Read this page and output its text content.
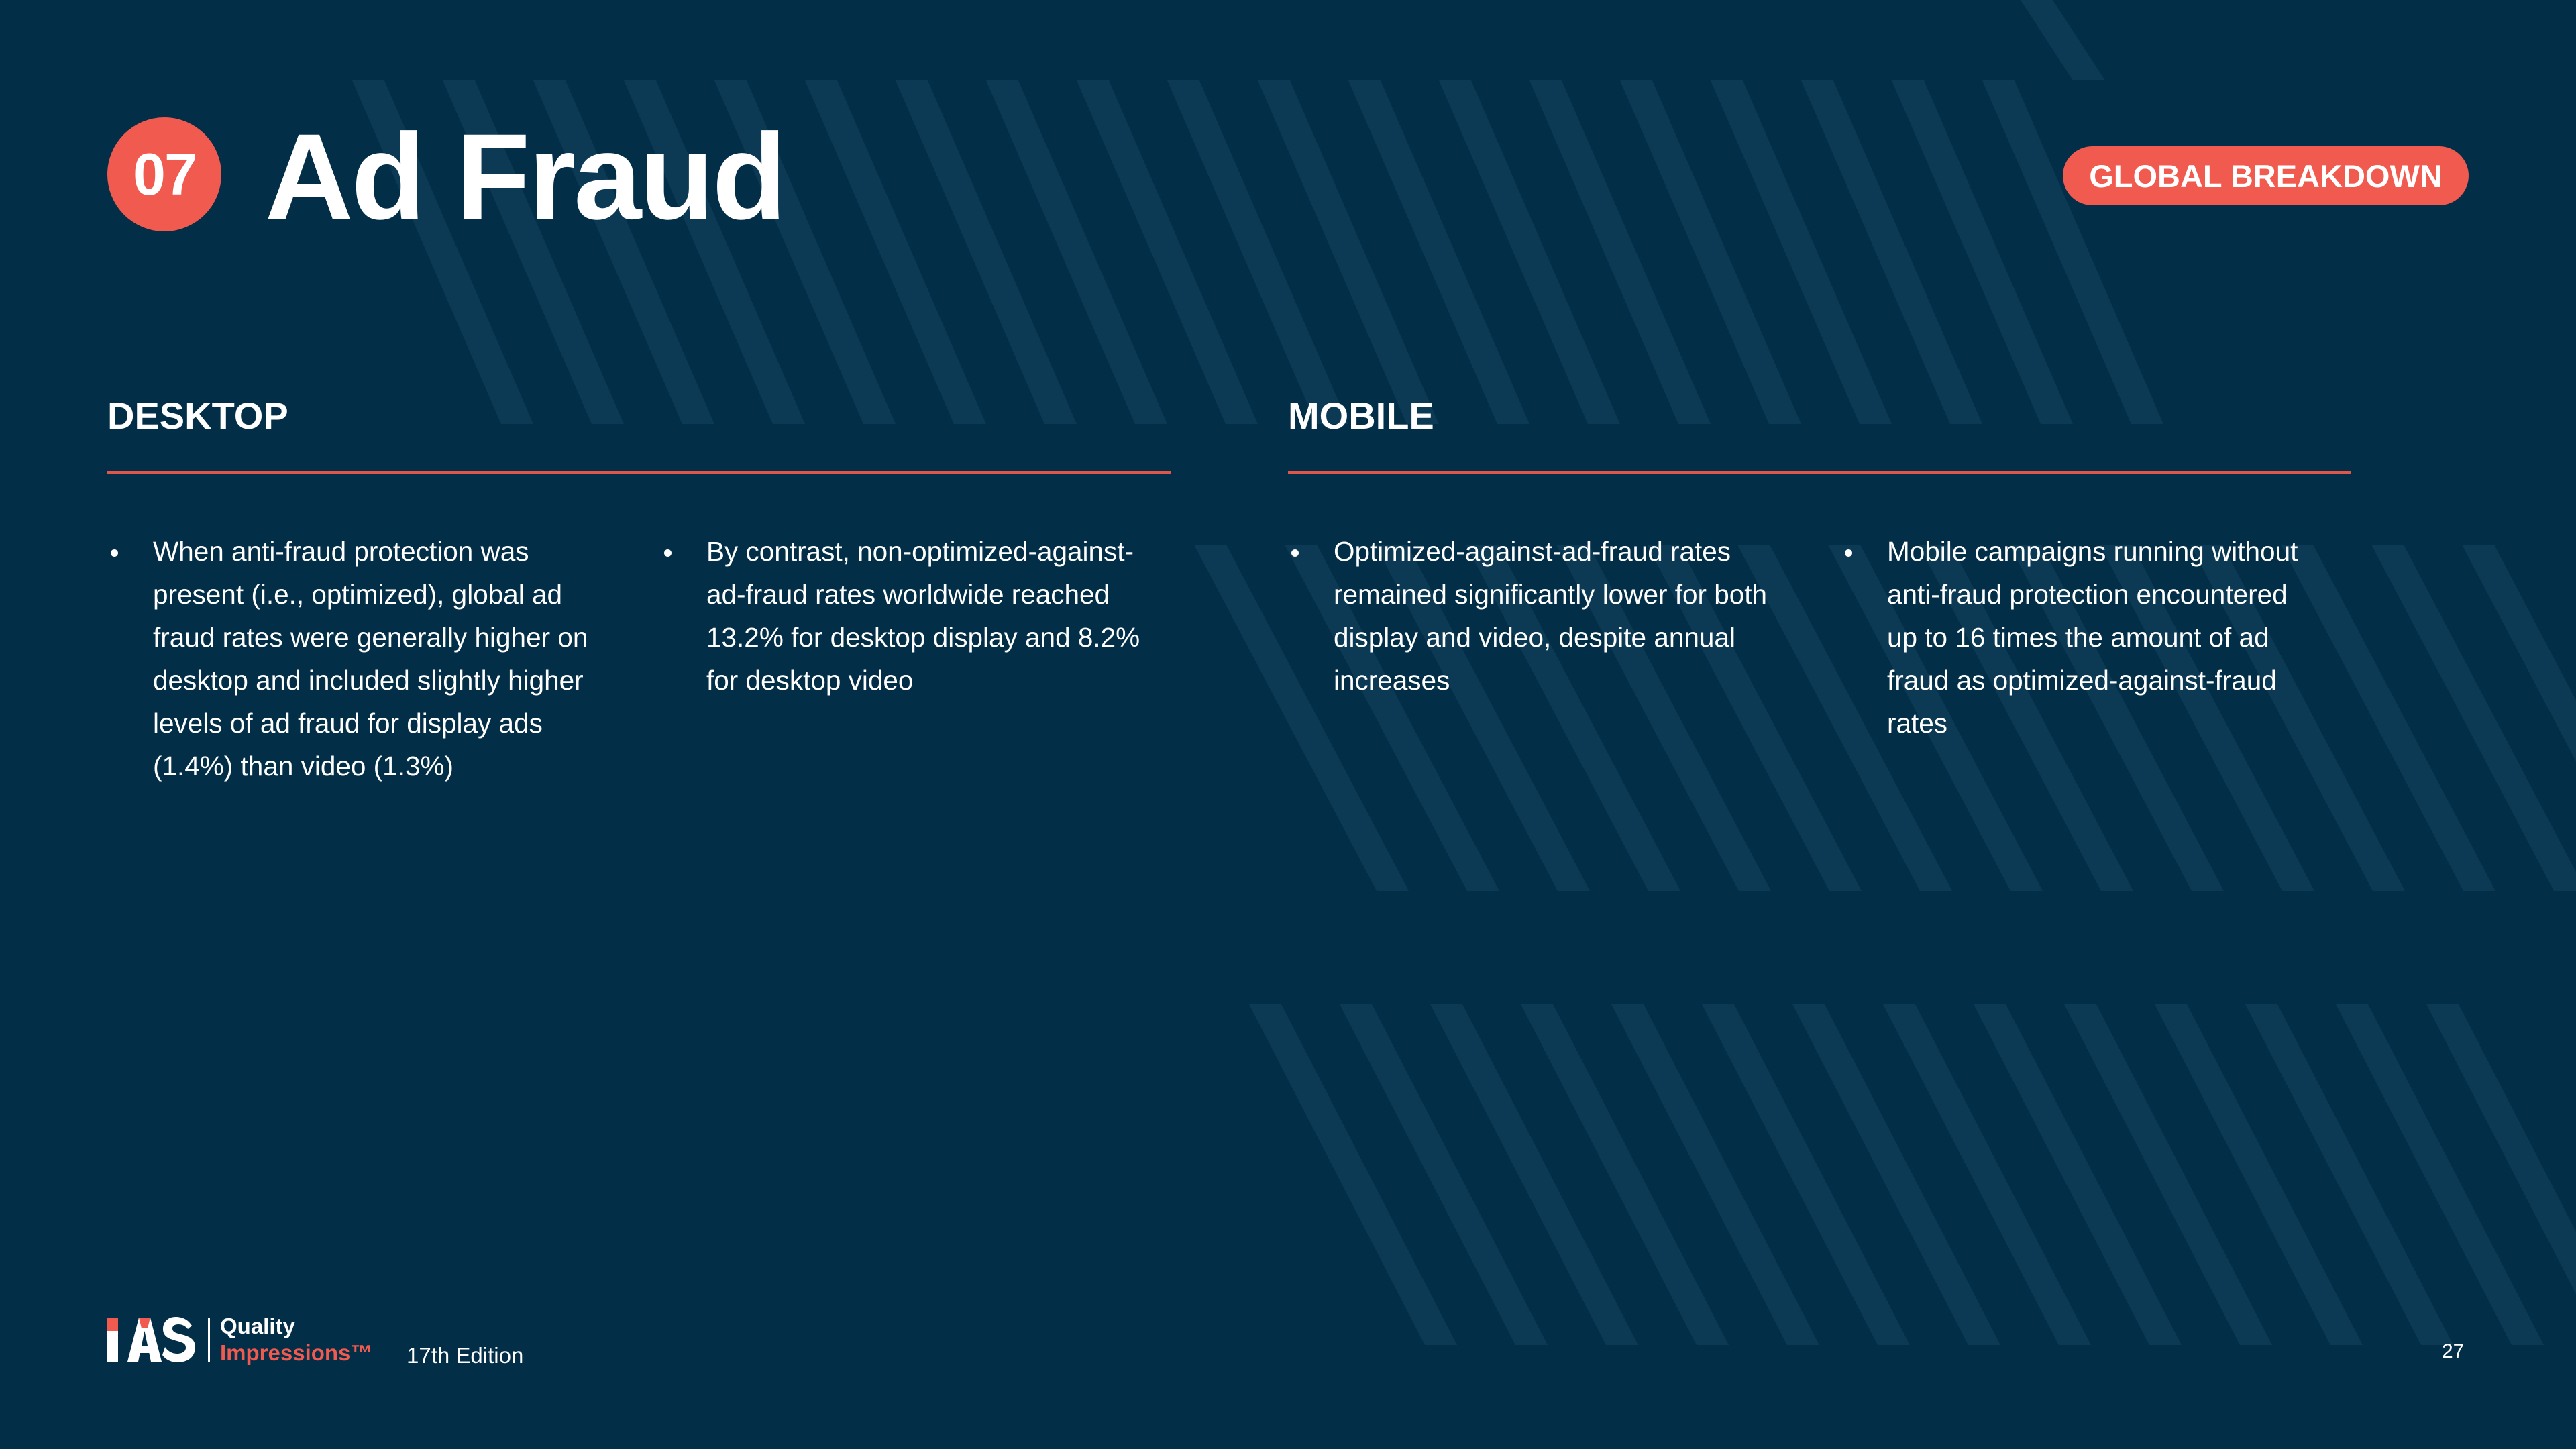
07 Ad Fraud	GLOBAL BREAKDOWN
DESKTOP
When anti-fraud protection was present (i.e., optimized), global ad fraud rates were generally higher on desktop and included slightly higher levels of ad fraud for display ads (1.4%) than video (1.3%)
By contrast, non-optimized-against-ad-fraud rates worldwide reached 13.2% for desktop display and 8.2% for desktop video
MOBILE
Optimized-against-ad-fraud rates remained significantly lower for both display and video, despite annual increases
Mobile campaigns running without anti-fraud protection encountered up to 16 times the amount of ad fraud as optimized-against-fraud rates
Quality
Impressions™ 17th Edition	27
